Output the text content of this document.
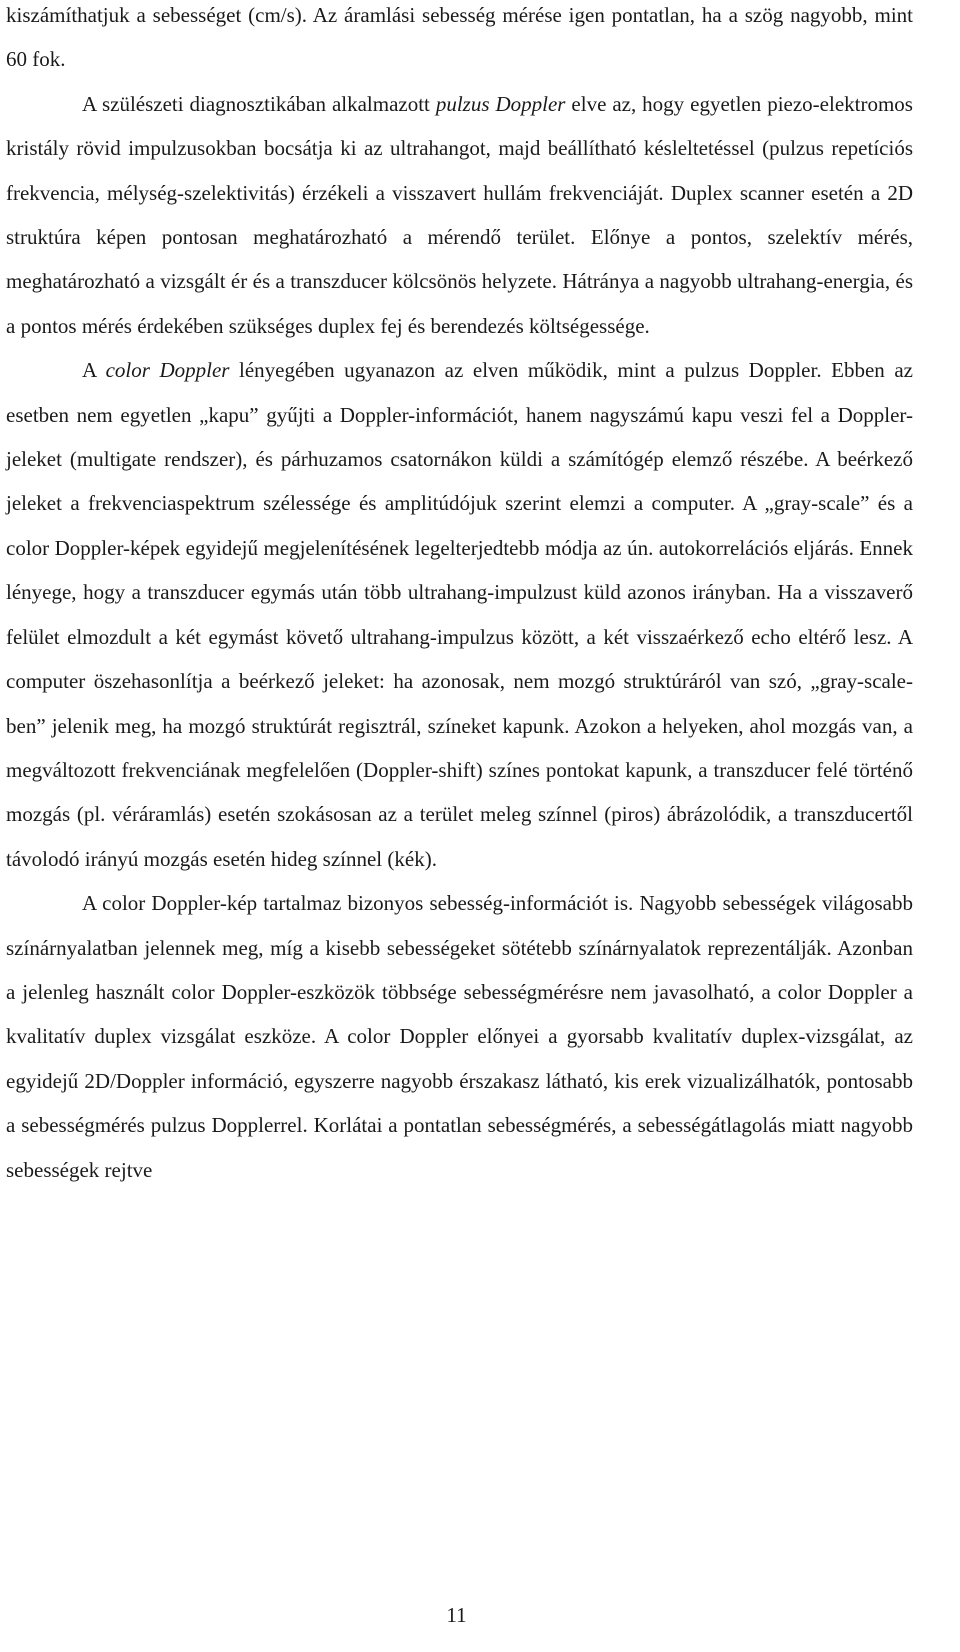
kiszámíthatjuk a sebességet (cm/s). Az áramlási sebesség mérése igen pontatlan, ha a szög nagyobb, mint 60 fok.

A szülészeti diagnosztikában alkalmazott pulzus Doppler elve az, hogy egyetlen piezo-elektromos kristály rövid impulzusokban bocsátja ki az ultrahangot, majd beállítható késleltetéssel (pulzus repetíciós frekvencia, mélység-szelektivitás) érzékeli a visszavert hullám frekvenciáját. Duplex scanner esetén a 2D struktúra képen pontosan meghatározható a mérendő terület. Előnye a pontos, szelektív mérés, meghatározható a vizsgált ér és a transzducer kölcsönös helyzete. Hátránya a nagyobb ultrahang-energia, és a pontos mérés érdekében szükséges duplex fej és berendezés költségessége.

A color Doppler lényegében ugyanazon az elven működik, mint a pulzus Doppler. Ebben az esetben nem egyetlen „kapu” gyűjti a Doppler-információt, hanem nagyszámú kapu veszi fel a Doppler-jeleket (multigate rendszer), és párhuzamos csatornákon küldi a számítógép elemző részébe. A beérkező jeleket a frekvenciaspektrum szélessége és amplitúdójuk szerint elemzi a computer. A „gray-scale” és a color Doppler-képek egyidejű megjelenítésének legelterjedtebb módja az ún. autokorrelációs eljárás. Ennek lényege, hogy a transzducer egymás után több ultrahang-impulzust küld azonos irányban. Ha a visszaverő felület elmozdult a két egymást követő ultrahang-impulzus között, a két visszaérkező echo eltérő lesz. A computer öszehasonlítja a beérkező jeleket: ha azonosak, nem mozgó struktúráról van szó, „gray-scale-ben” jelenik meg, ha mozgó struktúrát regisztrál, színeket kapunk. Azokon a helyeken, ahol mozgás van, a megváltozott frekvenciának megfelelően (Doppler-shift) színes pontokat kapunk, a transzducer felé történő mozgás (pl. véráramlás) esetén szokásosan az a terület meleg színnel (piros) ábrázolódik, a transzducertől távolodó irányú mozgás esetén hideg színnel (kék).

A color Doppler-kép tartalmaz bizonyos sebesség-információt is. Nagyobb sebességek világosabb színárnyalatban jelennek meg, míg a kisebb sebességeket sötétebb színárnyalatok reprezentálják. Azonban a jelenleg használt color Doppler-eszközök többsége sebességmérésre nem javasolható, a color Doppler a kvalitatív duplex vizsgálat eszköze. A color Doppler előnyei a gyorsabb kvalitatív duplex-vizsgálat, az egyidejű 2D/Doppler információ, egyszerre nagyobb érszakasz látható, kis erek vizualizálhatók, pontosabb a sebességmérés pulzus Dopplerrel. Korlátai a pontatlan sebességmérés, a sebességátlagolás miatt nagyobb sebességek rejtve

11
